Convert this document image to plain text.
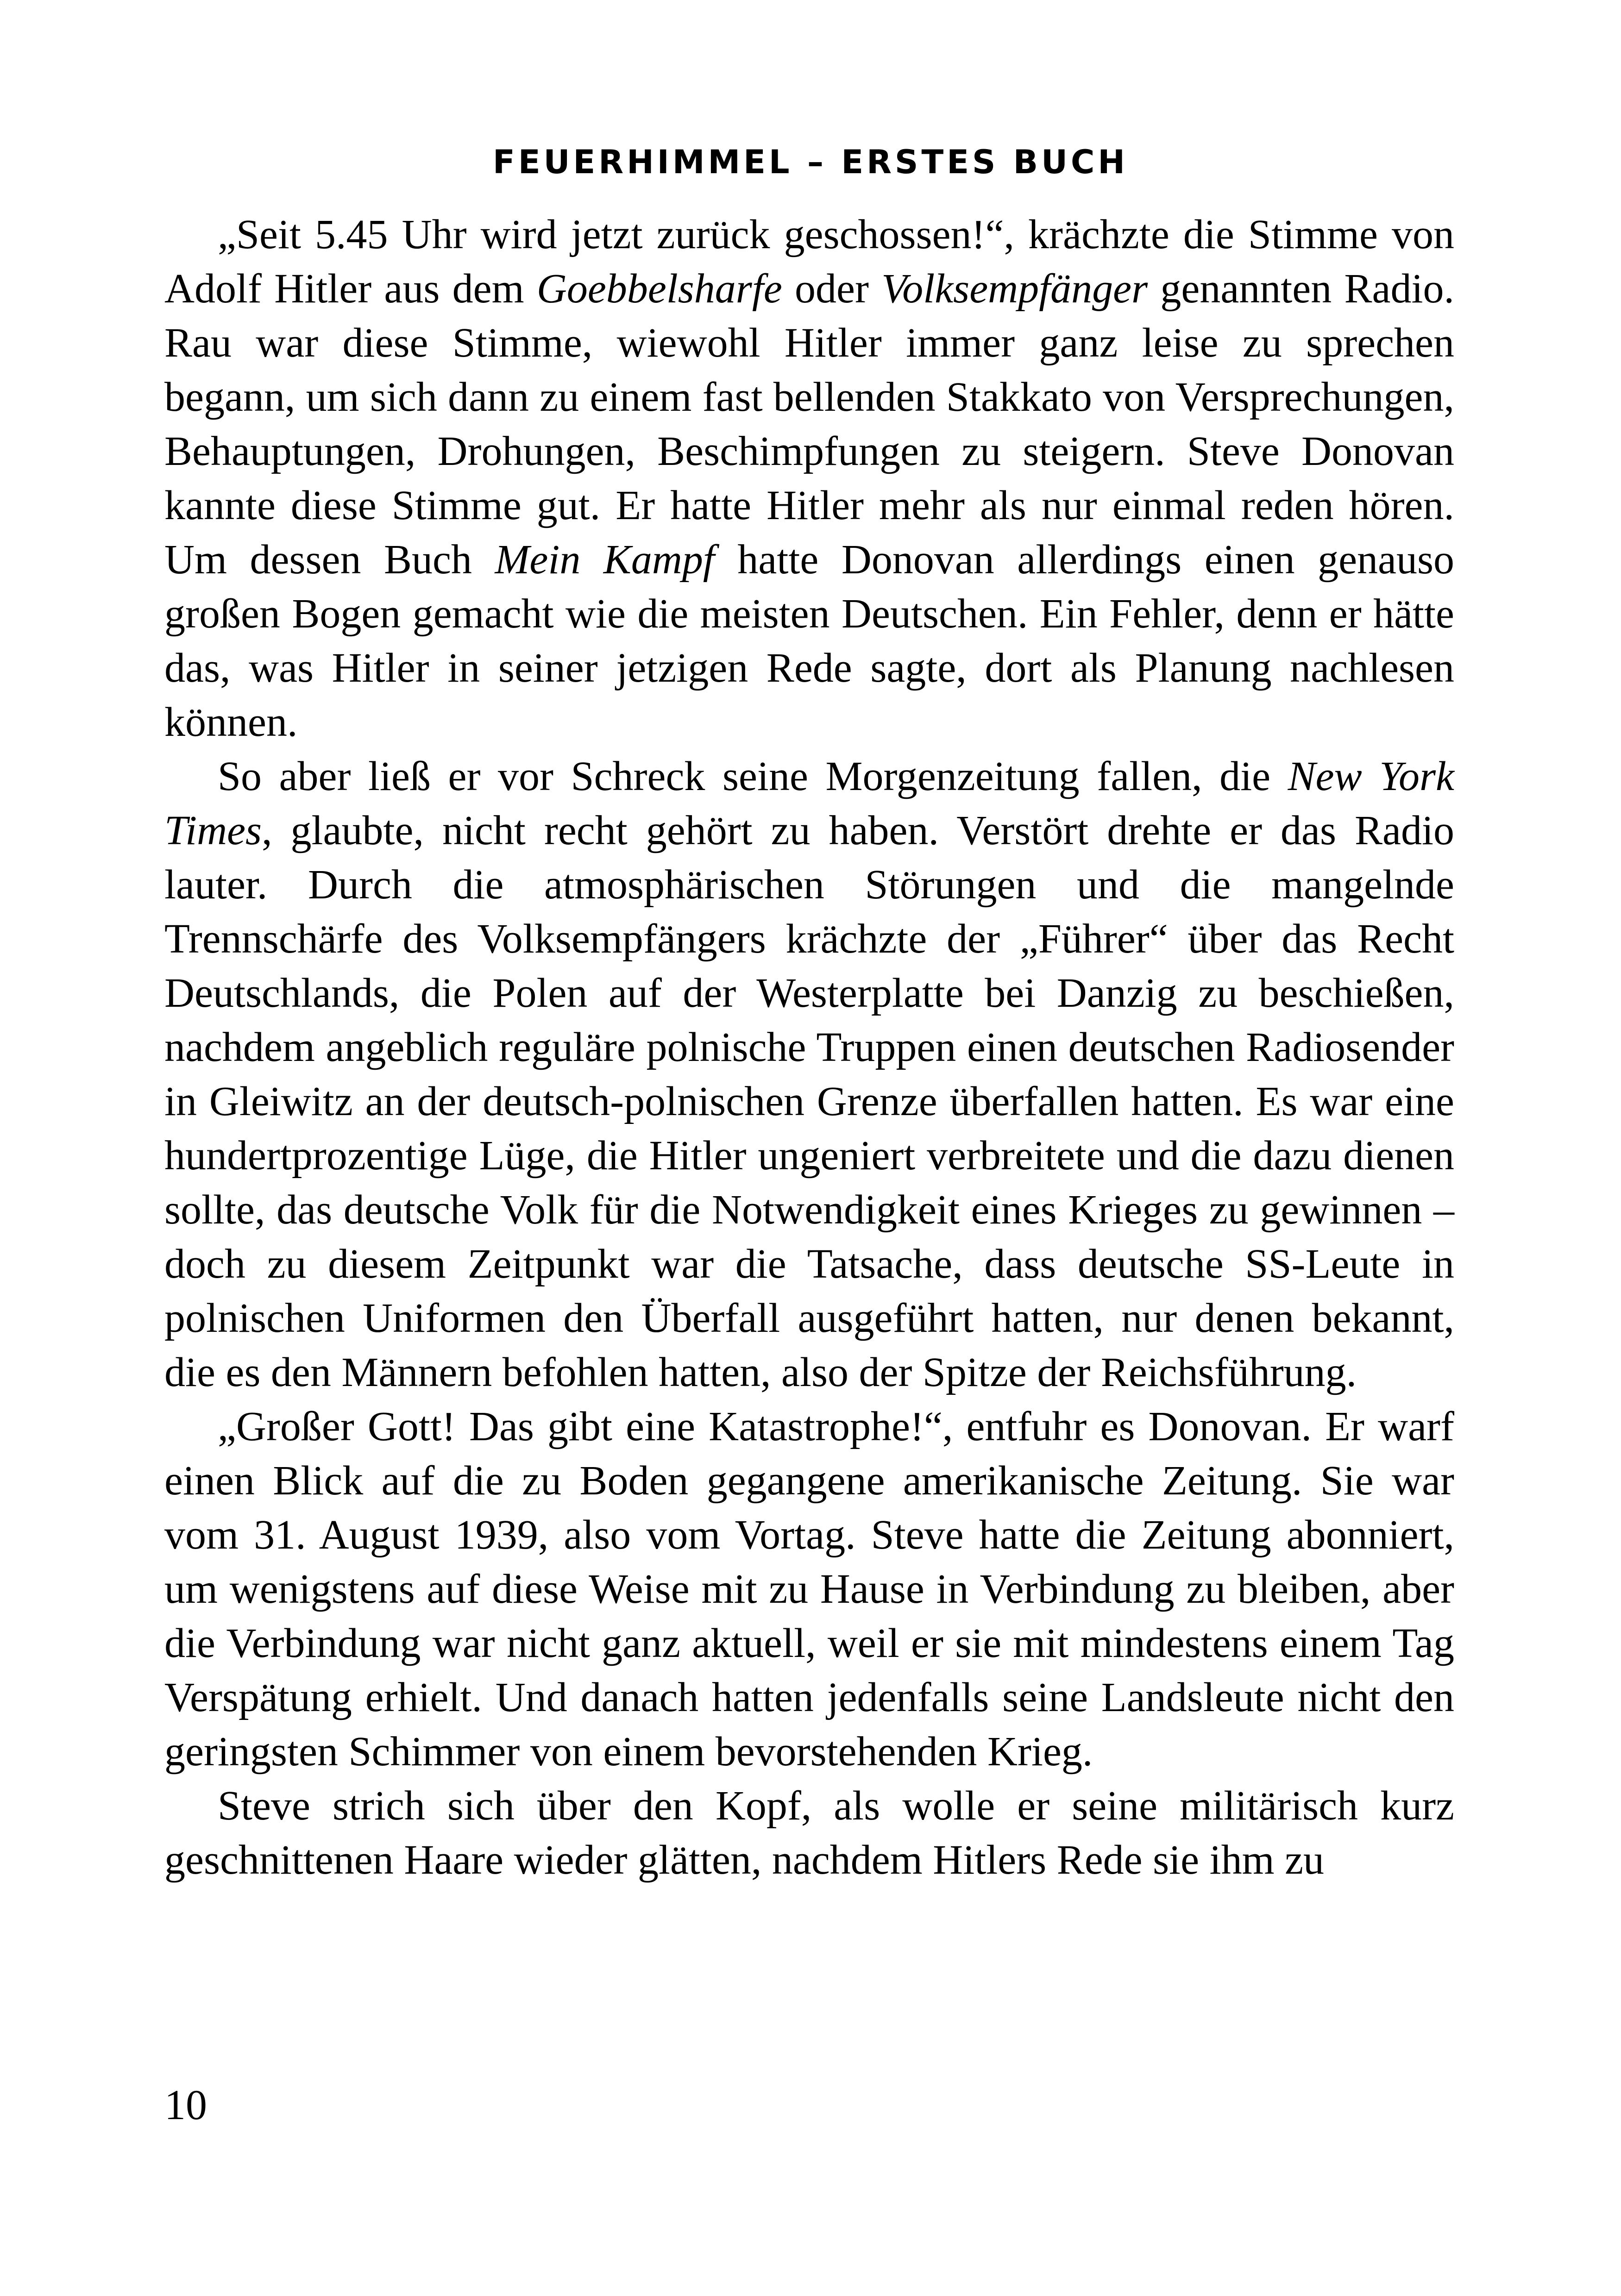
FEUERHIMMEL – ERSTES BUCH

„Seit 5.45 Uhr wird jetzt zurück geschossen!“, krächzte die Stimme von Adolf Hitler aus dem Goebbelsharfe oder Volksempfänger genannten Radio. Rau war diese Stimme, wiewohl Hitler immer ganz leise zu sprechen begann, um sich dann zu einem fast bellenden Stakkato von Versprechungen, Behauptungen, Drohungen, Beschimpfungen zu steigern. Steve Donovan kannte diese Stimme gut. Er hatte Hitler mehr als nur einmal reden hören. Um dessen Buch Mein Kampf hatte Donovan allerdings einen genauso großen Bogen gemacht wie die meisten Deutschen. Ein Fehler, denn er hätte das, was Hitler in seiner jetzigen Rede sagte, dort als Planung nachlesen können.

So aber ließ er vor Schreck seine Morgenzeitung fallen, die New York Times, glaubte, nicht recht gehört zu haben. Verstört drehte er das Radio lauter. Durch die atmosphärischen Störungen und die mangelnde Trennschärfe des Volksempfängers krächzte der „Führer“ über das Recht Deutschlands, die Polen auf der Westerplatte bei Danzig zu beschießen, nachdem angeblich reguläre polnische Truppen einen deutschen Radiosender in Gleiwitz an der deutsch-polnischen Grenze überfallen hatten. Es war eine hundertprozentige Lüge, die Hitler ungeniert verbreitete und die dazu dienen sollte, das deutsche Volk für die Notwendigkeit eines Krieges zu gewinnen – doch zu diesem Zeitpunkt war die Tatsache, dass deutsche SS-Leute in polnischen Uniformen den Überfall ausgeführt hatten, nur denen bekannt, die es den Männern befohlen hatten, also der Spitze der Reichsführung.

„Großer Gott! Das gibt eine Katastrophe!“, entfuhr es Donovan. Er warf einen Blick auf die zu Boden gegangene amerikanische Zeitung. Sie war vom 31. August 1939, also vom Vortag. Steve hatte die Zeitung abonniert, um wenigstens auf diese Weise mit zu Hause in Verbindung zu bleiben, aber die Verbindung war nicht ganz aktuell, weil er sie mit mindestens einem Tag Verspätung erhielt. Und danach hatten jedenfalls seine Landsleute nicht den geringsten Schimmer von einem bevorstehenden Krieg.

Steve strich sich über den Kopf, als wolle er seine militärisch kurz geschnittenen Haare wieder glätten, nachdem Hitlers Rede sie ihm zu

10
